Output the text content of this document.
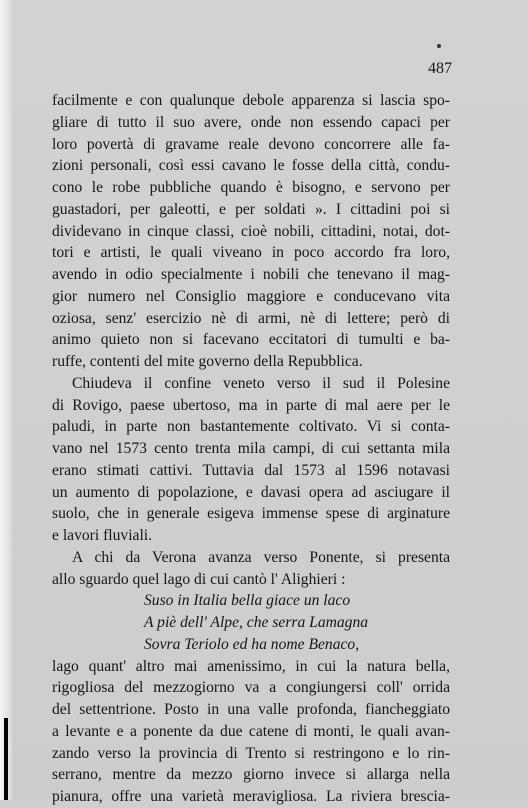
487
facilmente e con qualunque debole apparenza si lascia spo-
gliare di tutto il suo avere, onde non essendo capaci per
loro povertà di gravame reale devono concorrere alle fa-
zioni personali, così essi cavano le fosse della città, condu-
cono le robe pubbliche quando è bisogno, e servono per
guastadori, per galeotti, e per soldati ». I cittadini poi si
dividevano in cinque classi, cioè nobili, cittadini, notai, dot-
tori e artisti, le quali viveano in poco accordo fra loro,
avendo in odio specialmente i nobili che tenevano il mag-
gior numero nel Consiglio maggiore e conducevano vita
oziosa, senz' esercizio nè di armi, nè di lettere; però di
animo quieto non si facevano eccitatori di tumulti e ba-
ruffe, contenti del mite governo della Repubblica.
Chiudeva il confine veneto verso il sud il Polesine
di Rovigo, paese ubertoso, ma in parte di mal aere per le
paludi, in parte non bastantemente coltivato. Vi si conta-
vano nel 1573 cento trenta mila campi, di cui settanta mila
erano stimati cattivi. Tuttavia dal 1573 al 1596 notavasi
un aumento di popolazione, e davasi opera ad asciugare il
suolo, che in generale esigeva immense spese di arginature
e lavori fluviali.
A chi da Verona avanza verso Ponente, si presenta
allo sguardo quel lago di cui cantò l' Alighieri :
Suso in Italia bella giace un laco
A piè dell' Alpe, che serra Lamagna
Sovra Teriolo ed ha nome Benaco,
lago quant' altro mai amenissimo, in cui la natura bella,
rigogliosa del mezzogiorno va a congiungersi coll' orrida
del settentrione. Posto in una valle profonda, fiancheggiato
a levante e a ponente da due catene di monti, le quali avan-
zando verso la provincia di Trento si restringono e lo rin-
serrano, mentre da mezzo giorno invece si allarga nella
pianura, offre una varietà meravigliosa. La riviera brescia-
